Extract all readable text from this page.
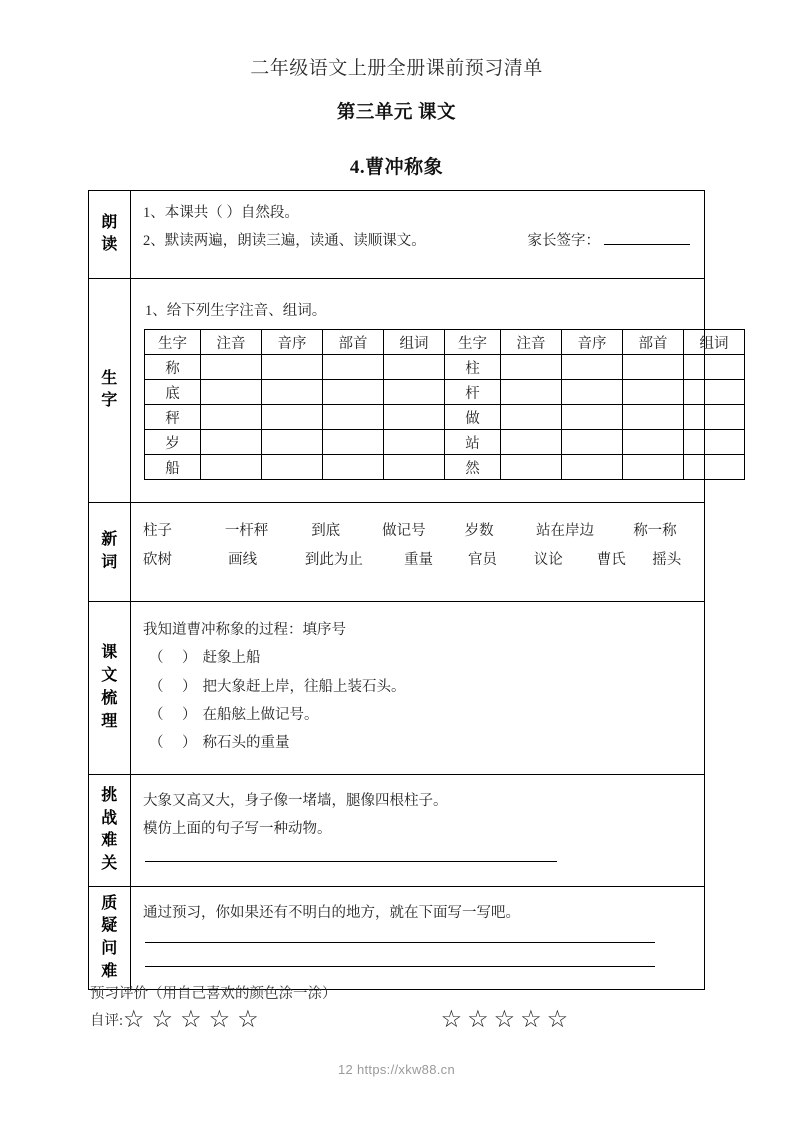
二年级语文上册全册课前预习清单
第三单元 课文
4.曹冲称象
朗
读

1、本课共（ ）自然段。
2、默读两遍，朗读三遍，读通、读顺课文。	家长签字：

生
字

1、给下列生字注音、组词。
生字	注音	音序	部首	组词	生字	注音	音序	部首	组词
称					柱				
底					杆				
秤					做				
岁					站				
船					然				

新
词

柱子	一杆秤	到底	做记号	岁数	站在岸边	称一称
砍树	画线	到此为止	重量	官员	议论	曹氏	摇头

课
文
梳
理

我知道曹冲称象的过程：填序号
（　） 赶象上船
（　） 把大象赶上岸，往船上装石头。
（　） 在船舷上做记号。
（　） 称石头的重量

挑
战
难
关

大象又高又大，身子像一堵墙，腿像四根柱子。
模仿上面的句子写一种动物。

质
疑
问
难

通过预习，你如果还有不明白的地方，就在下面写一写吧。
预习评价（用自己喜欢的颜色涂一涂）
自评: ☆ ☆ ☆ ☆ ☆	☆ ☆ ☆ ☆ ☆
12 https://xkw88.cn
